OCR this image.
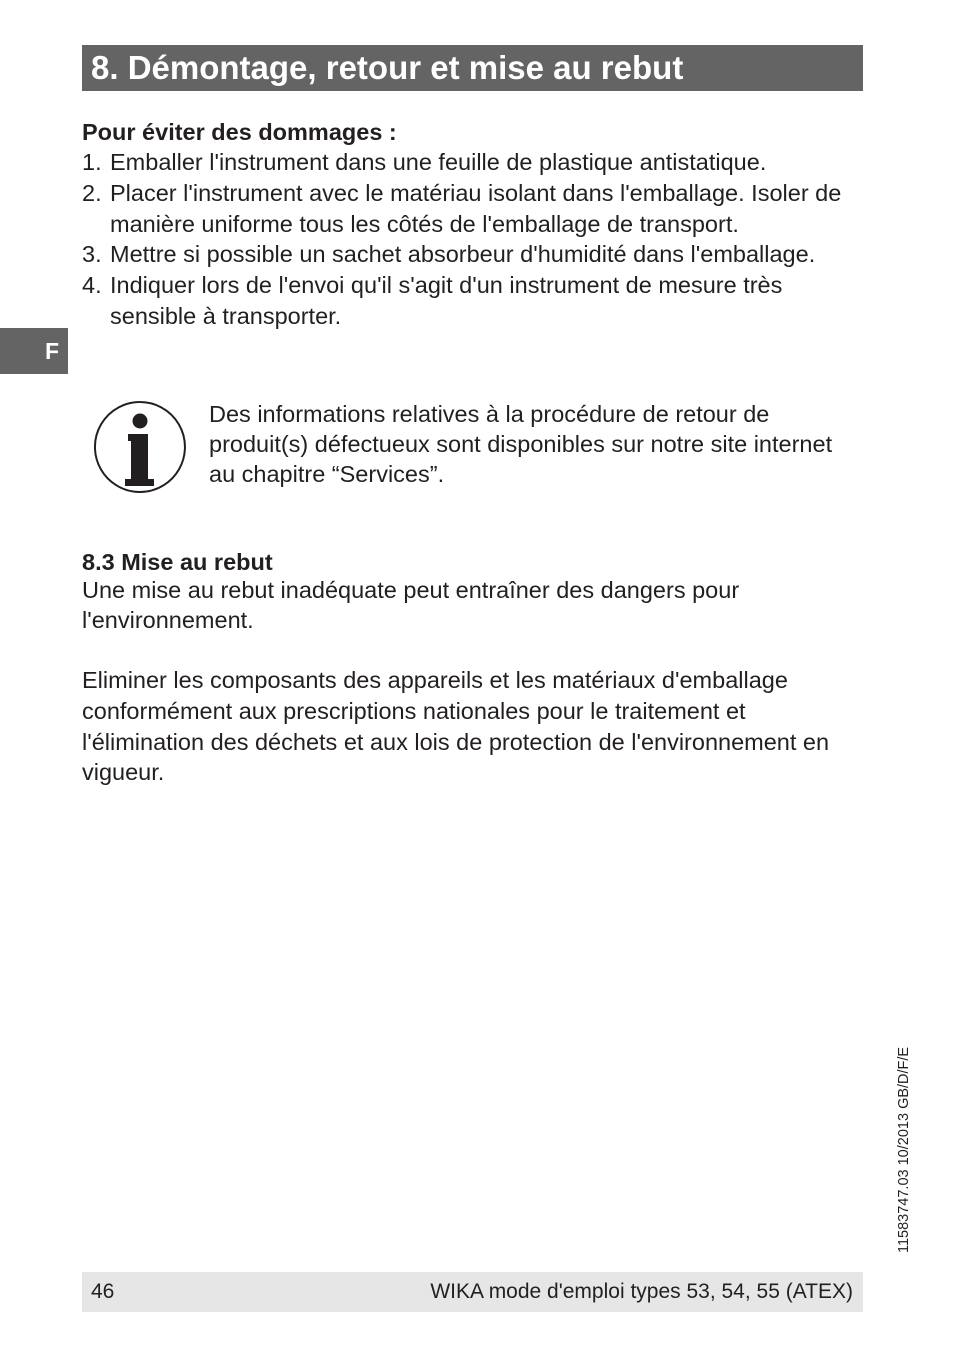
8. Démontage, retour et mise au rebut
F

Pour éviter des dommages :

1. Emballer l'instrument dans une feuille de plastique antistatique.
2. Placer l'instrument avec le matériau isolant dans l'emballage. Isoler de manière uniforme tous les côtés de l'emballage de transport.
3. Mettre si possible un sachet absorbeur d'humidité dans l'emballage.
4. Indiquer lors de l'envoi qu'il s'agit d'un instrument de mesure très sensible à transporter.

Des informations relatives à la procédure de retour de produit(s) défectueux sont disponibles sur notre site internet au chapitre “Services”.

8.3 Mise au rebut

Une mise au rebut inadéquate peut entraîner des dangers pour l'environnement.

Eliminer les composants des appareils et les matériaux d'emballage conformément aux prescriptions nationales pour le traitement et l'élimination des déchets et aux lois de protection de l'environnement en vigueur.

11583747.03 10/2013 GB/D/F/E
46	WIKA mode d'emploi types 53, 54, 55 (ATEX)
